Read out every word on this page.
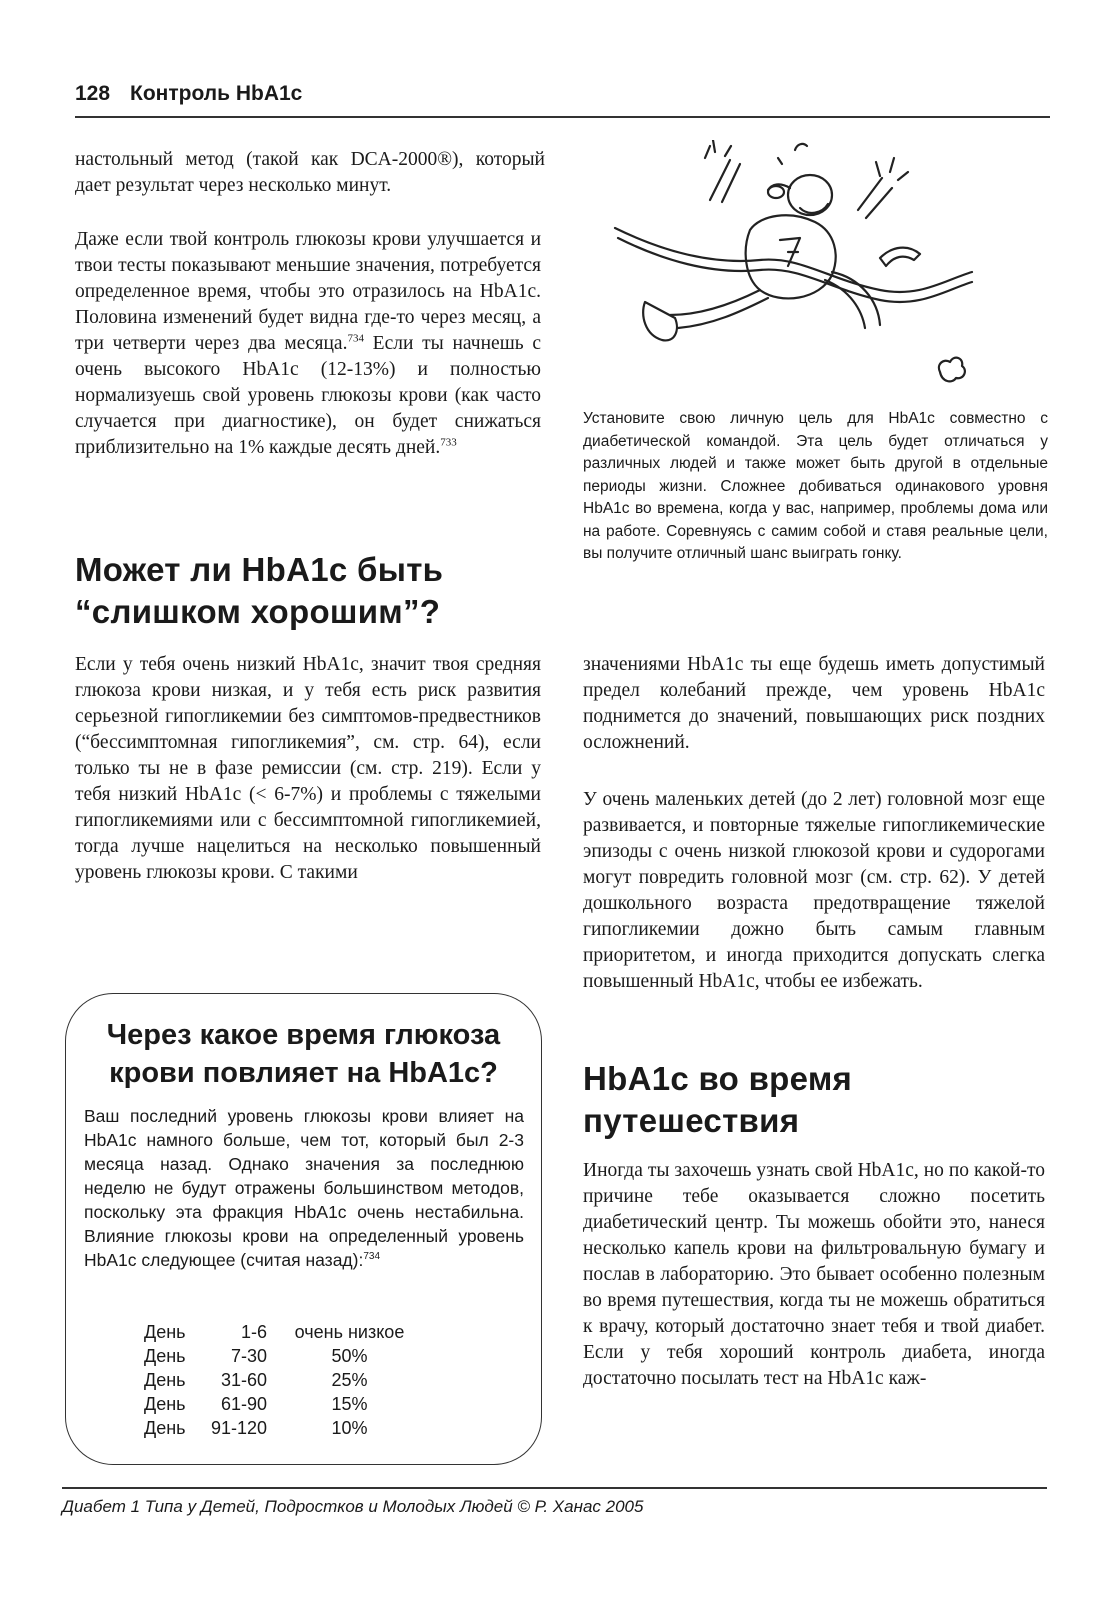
128 Контроль HbA1c

настольный метод (такой как DCA-2000®), который дает результат через несколько минут.

Даже если твой контроль глюкозы крови улучшается и твои тесты показывают меньшие значения, потребуется определенное время, чтобы это отразилось на HbA1c. Половина изменений будет видна где-то через месяц, а три четверти через два месяца.$^{734}$ Если ты начнешь с очень высокого HbA1c (12-13%) и полностью нормализуешь свой уровень глюкозы крови (как часто случается при диагностике), он будет снижаться приблизительно на 1% каждые десять дней.$^{733}$

Может ли HbA1c быть “слишком хорошим”?

Если у тебя очень низкий HbA1c, значит твоя средняя глюкоза крови низкая, и у тебя есть риск развития серьезной гипогликемии без симптомов-предвестников (“бессимптомная гипогликемия”, см. стр. 64), если только ты не в фазе ремиссии (см. стр. 219). Если у тебя низкий HbA1c (< 6-7%) и проблемы с тяжелыми гипогликемиями или с бессимптомной гипогликемией, тогда лучше нацелиться на несколько повышенный уровень глюкозы крови. С такими

Установите свою личную цель для HbA1c совместно с диабетической командой. Эта цель будет отличаться у различных людей и также может быть другой в отдельные периоды жизни. Сложнее добиваться одинакового уровня HbA1c во времена, когда у вас, например, проблемы дома или на работе. Соревнуясь с самим собой и ставя реальные цели, вы получите отличный шанс выиграть гонку.

значениями HbA1c ты еще будешь иметь допустимый предел колебаний прежде, чем уровень HbA1c поднимется до значений, повышающих риск поздних осложнений.

У очень маленьких детей (до 2 лет) головной мозг еще развивается, и повторные тяжелые гипогликемические эпизоды с очень низкой глюкозой крови и судорогами могут повредить головной мозг (см. стр. 62). У детей дошкольного возраста предотвращение тяжелой гипогликемии дожно быть самым главным приоритетом, и иногда приходится допускать слегка повышенный HbA1c, чтобы ее избежать.

HbA1c во время путешествия

Иногда ты захочешь узнать свой HbA1c, но по какой-то причине тебе оказывается сложно посетить диабетический центр. Ты можешь обойти это, нанеся несколько капель крови на фильтровальную бумагу и послав в лабораторию. Это бывает особенно полезным во время путешествия, когда ты не можешь обратиться к врачу, который достаточно знает тебя и твой диабет. Если у тебя хороший контроль диабета, иногда достаточно посылать тест на HbA1c каж-

Через какое время глюкоза крови повлияет на HbA1c?

Ваш последний уровень глюкозы крови влияет на HbA1c намного больше, чем тот, который был 2-3 месяца назад. Однако значения за последнюю неделю не будут отражены большинством методов, поскольку эта фракция HbA1c очень нестабильна. Влияние глюкозы крови на определенный уровень HbA1c следующее (считая назад):$^{734}$

День	1-6	очень низкое
День	7-30	50%
День	31-60	25%
День	61-90	15%
День	91-120	10%
Диабет 1 Типа у Детей, Подростков и Молодых Людей © Р. Ханас 2005
